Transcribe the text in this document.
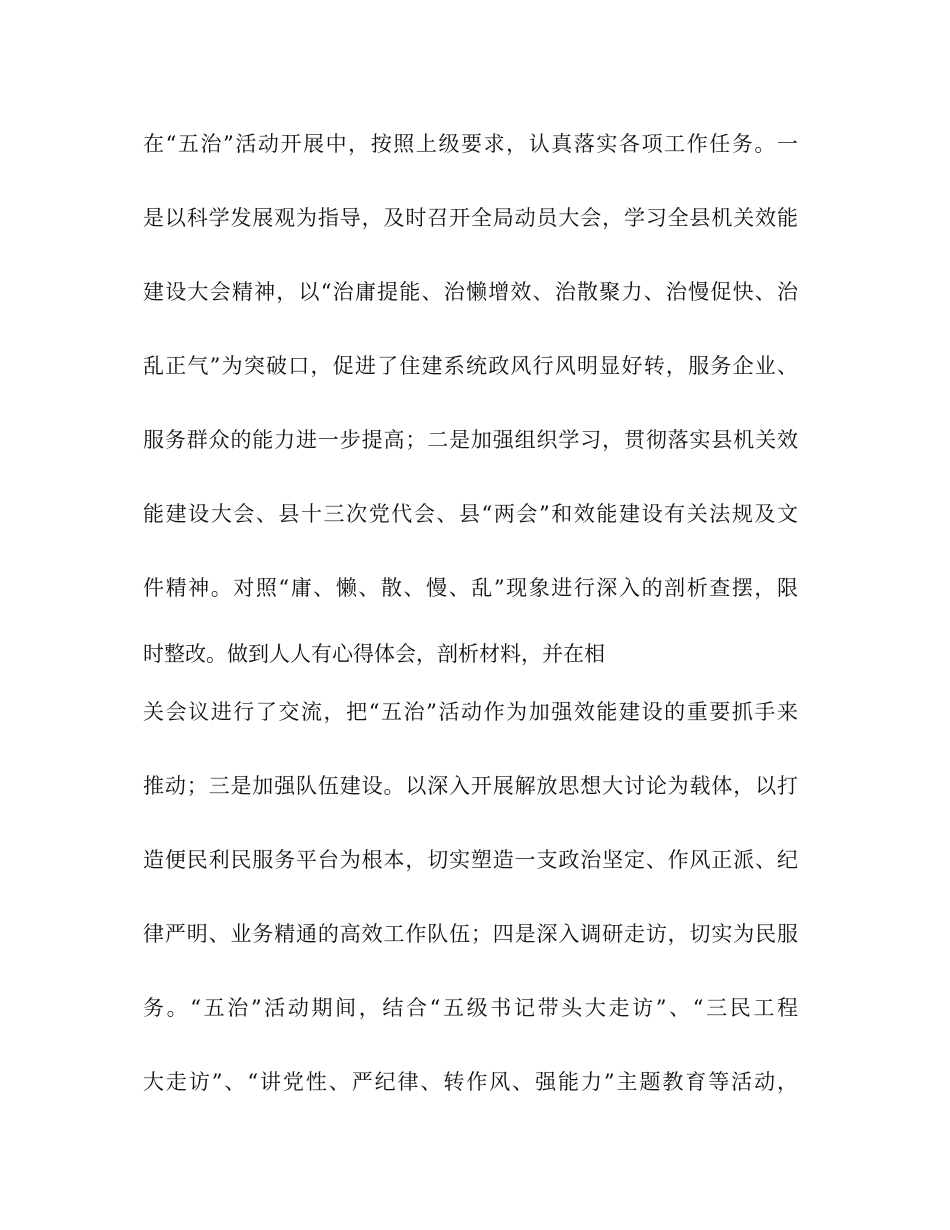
在“五治”活动开展中，按照上级要求，认真落实各项工作任务。一
是以科学发展观为指导，及时召开全局动员大会，学习全县机关效能
建设大会精神，以“治庸提能、治懒增效、治散聚力、治慢促快、治
乱正气”为突破口，促进了住建系统政风行风明显好转，服务企业、
服务群众的能力进一步提高；二是加强组织学习，贯彻落实县机关效
能建设大会、县十三次党代会、县“两会”和效能建设有关法规及文
件精神。对照“庸、懒、散、慢、乱”现象进行深入的剖析查摆，限
时整改。做到人人有心得体会，剖析材料，并在相
关会议进行了交流，把“五治”活动作为加强效能建设的重要抓手来
推动；三是加强队伍建设。以深入开展解放思想大讨论为载体，以打
造便民利民服务平台为根本，切实塑造一支政治坚定、作风正派、纪
律严明、业务精通的高效工作队伍；四是深入调研走访，切实为民服
务。“五治”活动期间，结合“五级书记带头大走访”、“三民工程
大走访”、“讲党性、严纪律、转作风、强能力”主题教育等活动，
